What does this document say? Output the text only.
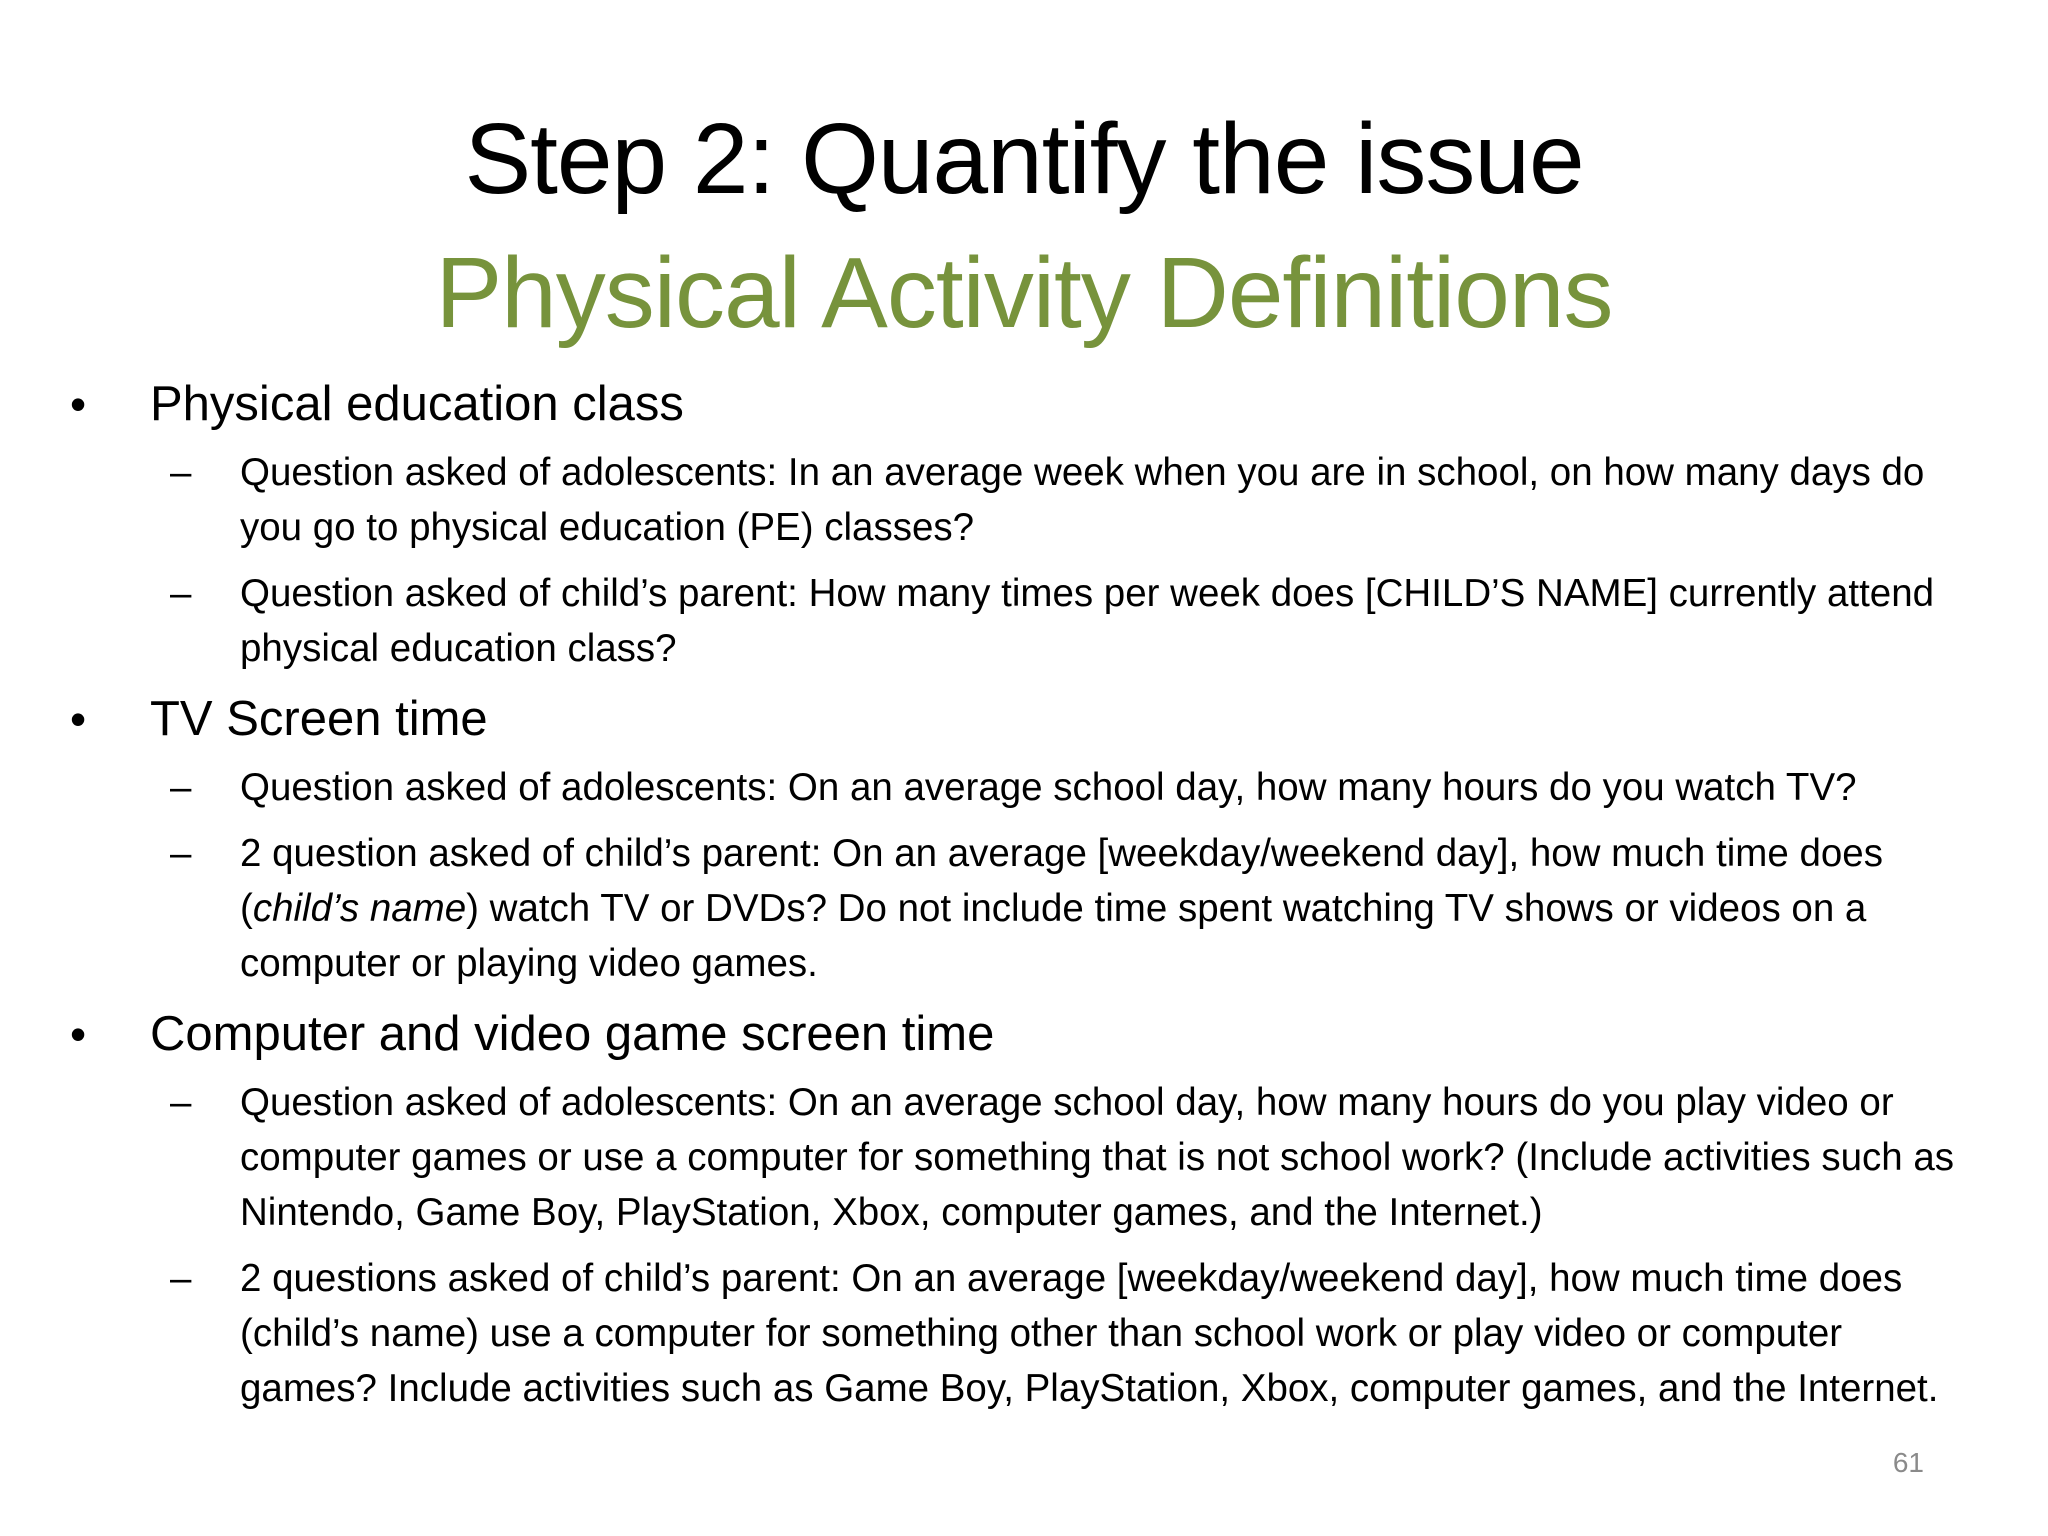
Step 2: Quantify the issue
Physical Activity Definitions
•	Physical education class
–	Question asked of adolescents: In an average week when you are in school, on how many days do you go to physical education (PE) classes?
–	Question asked of child’s parent: How many times per week does [CHILD’S NAME] currently attend physical education class?
•	TV Screen time
–	Question asked of adolescents: On an average school day, how many hours do you watch TV?
–	2 question asked of child’s parent: On an average [weekday/weekend day], how much time does (child’s name) watch TV or DVDs? Do not include time spent watching TV shows or videos on a computer or playing video games.
•	Computer and video game screen time
–	Question asked of adolescents: On an average school day, how many hours do you play video or computer games or use a computer for something that is not school work? (Include activities such as Nintendo, Game Boy, PlayStation, Xbox, computer games, and the Internet.)
–	2 questions asked of child’s parent: On an average [weekday/weekend day], how much time does (child’s name) use a computer for something other than school work or play video or computer games? Include activities such as Game Boy, PlayStation, Xbox, computer games, and the Internet.
61
